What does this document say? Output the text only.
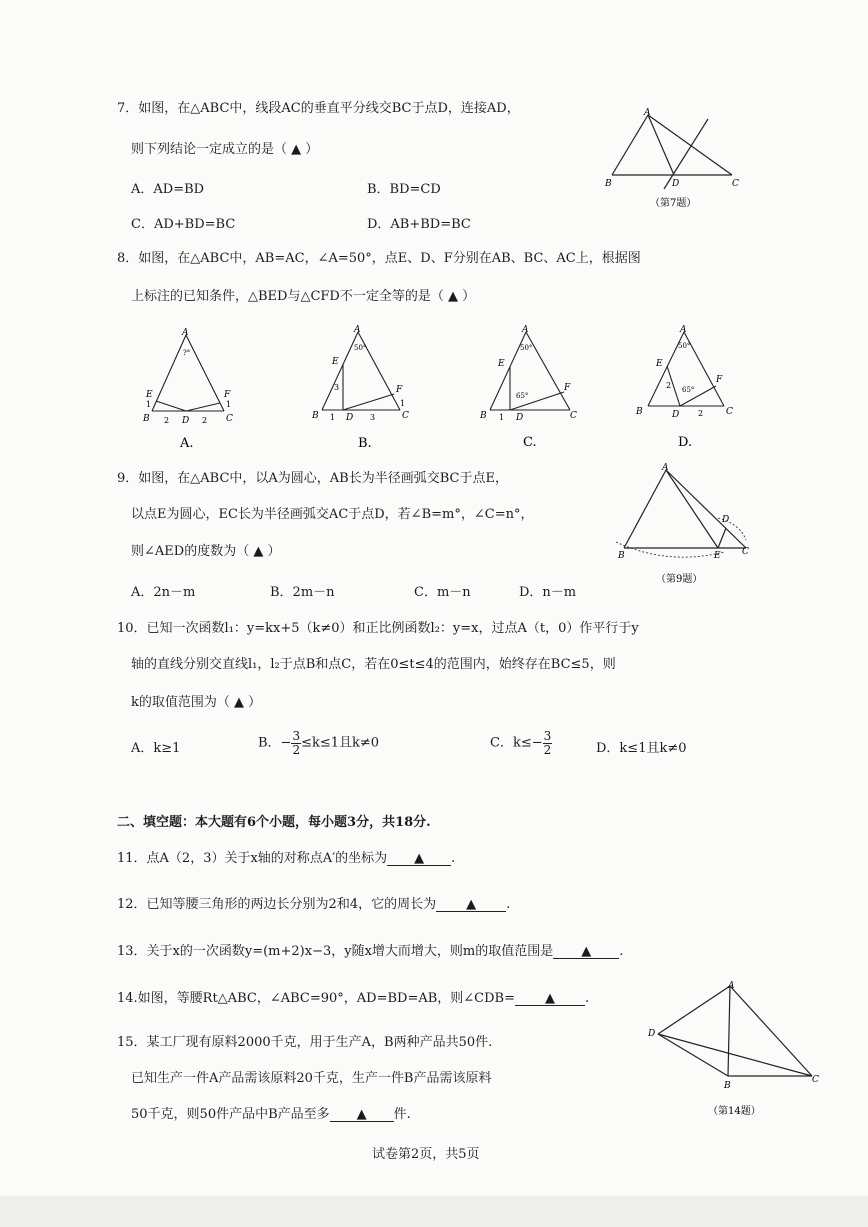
7．如图，在△ABC中，线段AC的垂直平分线交BC于点D，连接AD，
则下列结论一定成立的是（ ▲ ）
A．AD=BD	B．BD=CD
C．AD+BD=BC	D．AB+BD=BC
A
B	D	C
（第7题）
8．如图，在△ABC中，AB=AC，∠A=50°，点E、D、F分别在AB、BC、AC上，根据图
上标注的已知条件，△BED与△CFD不一定全等的是（ ▲ ）
A
?°
E	F
B	D	C
1	1
2	2
A.
A
50°
E
F
B	D	C
3
1
1
3
B.
A
50°
E
F
B	D	C
1
65°
C.
A
50°
E
F
B	D	C
2
2
65°
D.
9．如图，在△ABC中，以A为圆心，AB长为半径画弧交BC于点E，
以点E为圆心，EC长为半径画弧交AC于点D，若∠B=m°，∠C=n°，
则∠AED的度数为（ ▲ ）
A．2n－m	B．2m－n	C．m－n	D．n－m
A
B	E
D
C
（第9题）
10．已知一次函数l₁：y=kx+5（k≠0）和正比例函数l₂：y=x，过点A（t，0）作平行于y
轴的直线分别交直线l₁，l₂于点B和点C，若在0≤t≤4的范围内，始终存在BC≤5，则
k的取值范围为（ ▲ ）
A．k≥1	B．− $\frac{3}{2} \le k\le 1$且k≠0	C．$k\le- \frac{3}{2}$	D．k≤1且k≠0
二、填空题：本大题有6个小题，每小题3分，共18分.
11．点A（2，3）关于x轴的对称点A′的坐标为 ▲ .
12．已知等腰三角形的两边长分别为2和4，它的周长为 ▲ .
13．关于x的一次函数y=(m+2)x−3，y随x增大而增大，则m的取值范围是 ▲ .
14.如图，等腰Rt△ABC，∠ABC=90°，AD=BD=AB，则∠CDB= ▲ .
A
D
B
C
（第14题）
15．某工厂现有原料2000千克，用于生产A，B两种产品共50件.
已知生产一件A产品需该原料20千克，生产一件B产品需该原料
50千克，则50件产品中B产品至多 ▲ 件.
试卷第2页，共5页
